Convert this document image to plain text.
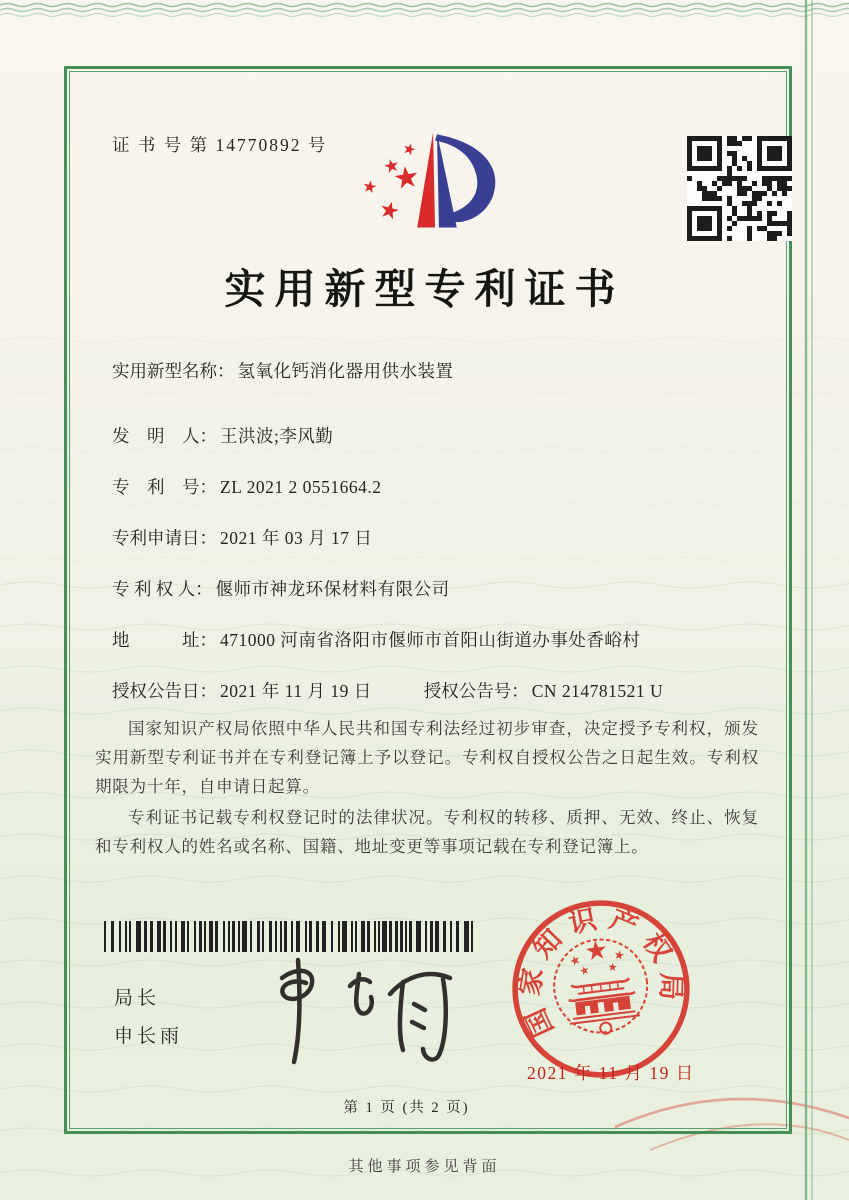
证 书 号 第 14770892 号
实用新型专利证书
实用新型名称： 氢氧化钙消化器用供水装置
发　明　人： 王洪波;李风勤
专　利　号： ZL 2021 2 0551664.2
专利申请日： 2021 年 03 月 17 日
专 利 权 人： 偃师市神龙环保材料有限公司
地　　　址： 471000 河南省洛阳市偃师市首阳山街道办事处香峪村
授权公告日： 2021 年 11 月 19 日	授权公告号： CN 214781521 U

国家知识产权局依照中华人民共和国专利法经过初步审查，决定授予专利权，颁发实用新型专利证书并在专利登记簿上予以登记。专利权自授权公告之日起生效。专利权期限为十年，自申请日起算。

专利证书记载专利权登记时的法律状况。专利权的转移、质押、无效、终止、恢复和专利权人的姓名或名称、国籍、地址变更等事项记载在专利登记簿上。

局长
申长雨	国家知识产权局
2021 年 11 月 19 日
第 1 页 (共 2 页)
其他事项参见背面
